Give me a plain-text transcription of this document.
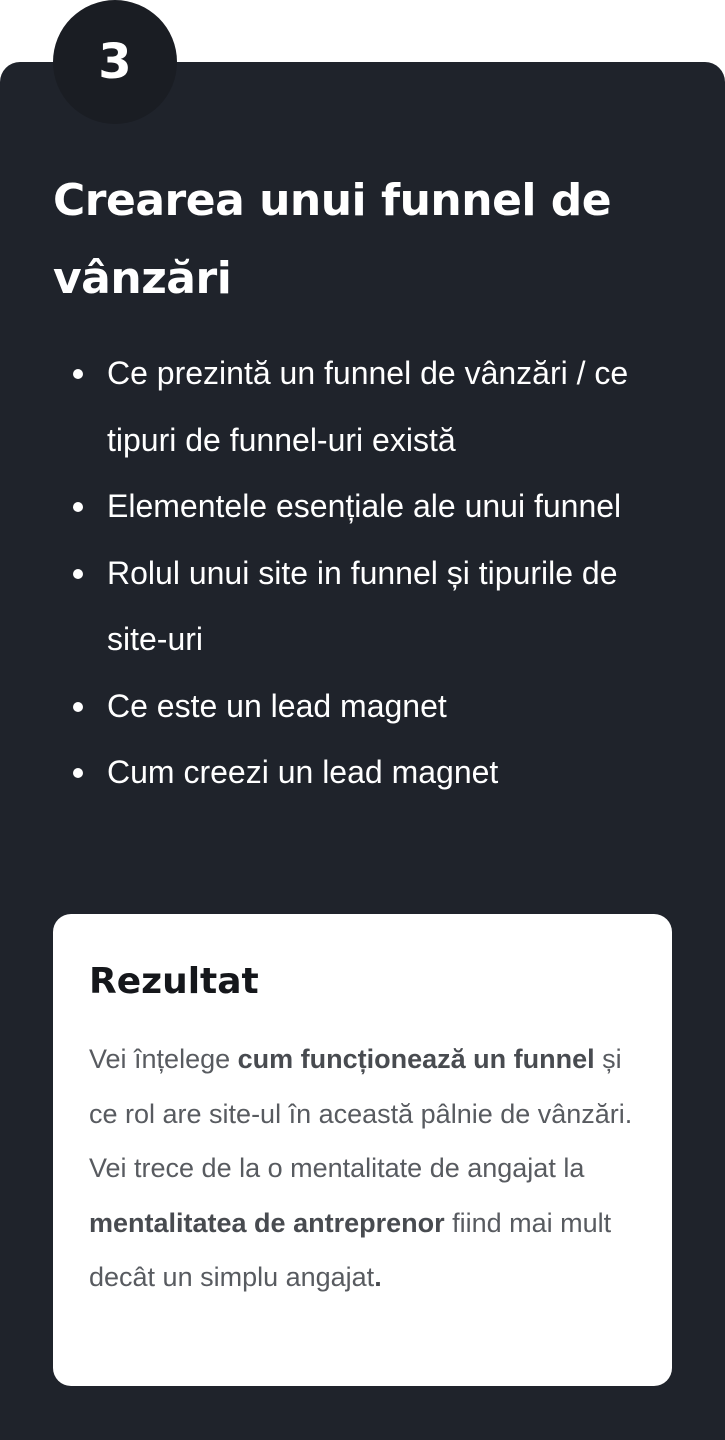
3
Crearea unui funnel de vânzări
Ce prezintă un funnel de vânzări / ce tipuri de funnel-uri există
Elementele esențiale ale unui funnel
Rolul unui site in funnel și tipurile de site-uri
Ce este un lead magnet
Cum creezi un lead magnet
Rezultat

Vei înțelege cum funcționează un funnel și ce rol are site-ul în această pâlnie de vânzări. Vei trece de la o mentalitate de angajat la mentalitatea de antreprenor fiind mai mult decât un simplu angajat.
